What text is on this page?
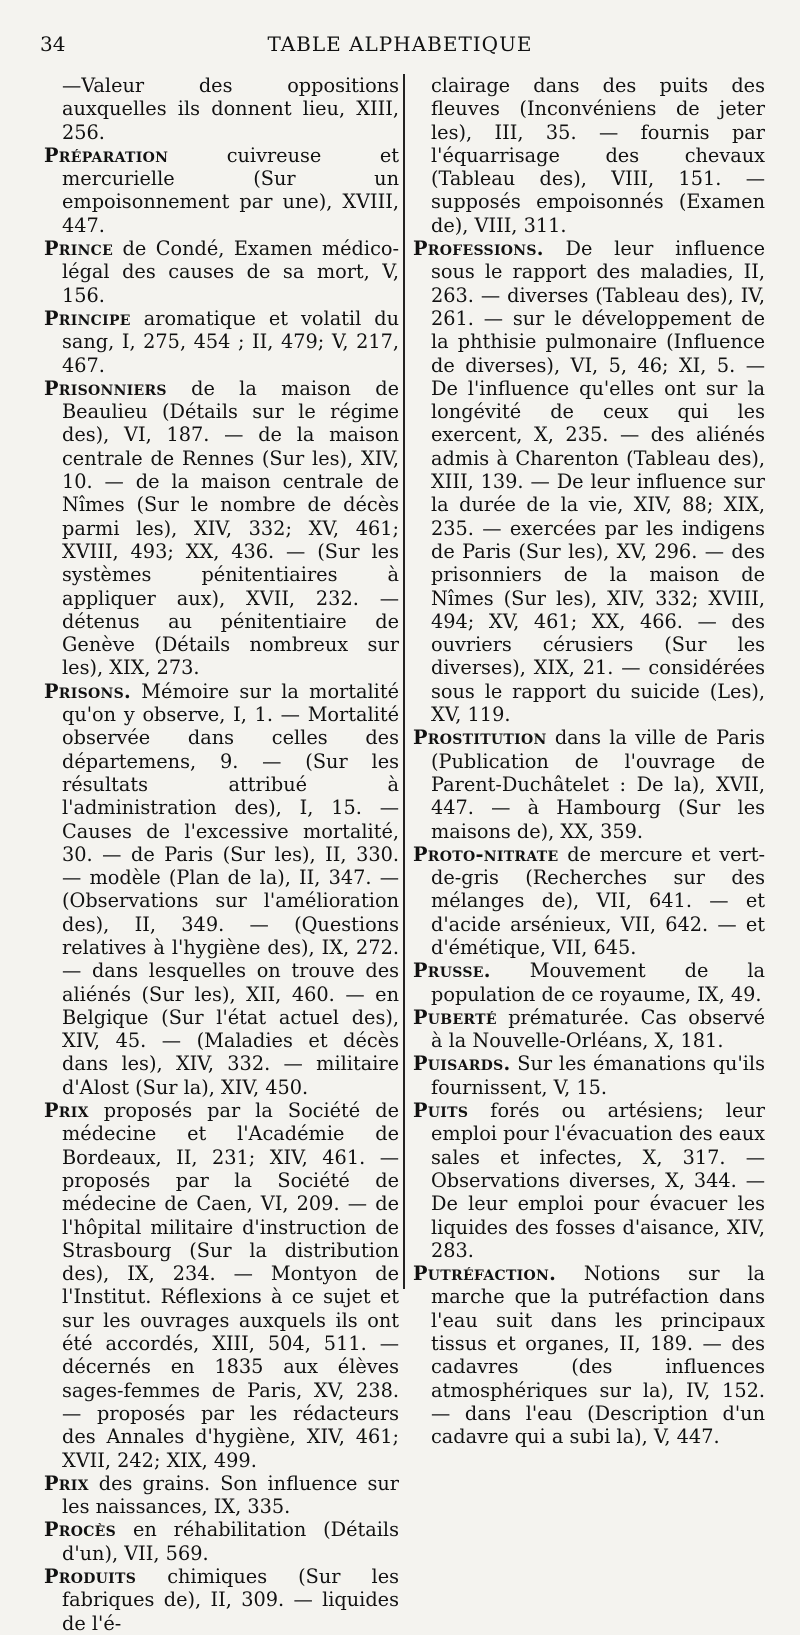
34	TABLE ALPHABETIQUE
—Valeur des oppositions auxquelles ils donnent lieu, XIII, 256.
Préparation cuivreuse et mercurielle (Sur un empoisonnement par une), XVIII, 447.
Prince de Condé, Examen médico-légal des causes de sa mort, V, 156.
Principe aromatique et volatil du sang, I, 275, 454 ; II, 479; V, 217, 467.
Prisonniers de la maison de Beaulieu (Détails sur le régime des), VI, 187. — de la maison centrale de Rennes (Sur les), XIV, 10. — de la maison centrale de Nîmes (Sur le nombre de décès parmi les), XIV, 332; XV, 461; XVIII, 493; XX, 436. — (Sur les systèmes pénitentiaires à appliquer aux), XVII, 232. — détenus au pénitentiaire de Genève (Détails nombreux sur les), XIX, 273.
Prisons. Mémoire sur la mortalité qu'on y observe, I, 1. — Mortalité observée dans celles des départemens, 9. — (Sur les résultats attribué à l'administration des), I, 15. — Causes de l'excessive mortalité, 30. — de Paris (Sur les), II, 330. — modèle (Plan de la), II, 347. — (Observations sur l'amélioration des), II, 349. — (Questions relatives à l'hygiène des), IX, 272. — dans lesquelles on trouve des aliénés (Sur les), XII, 460. — en Belgique (Sur l'état actuel des), XIV, 45. — (Maladies et décès dans les), XIV, 332. — militaire d'Alost (Sur la), XIV, 450.
Prix proposés par la Société de médecine et l'Académie de Bordeaux, II, 231; XIV, 461. — proposés par la Société de médecine de Caen, VI, 209. — de l'hôpital militaire d'instruction de Strasbourg (Sur la distribution des), IX, 234. — Montyon de l'Institut. Réflexions à ce sujet et sur les ouvrages auxquels ils ont été accordés, XIII, 504, 511. — décernés en 1835 aux élèves sages-femmes de Paris, XV, 238. — proposés par les rédacteurs des Annales d'hygiène, XIV, 461; XVII, 242; XIX, 499.
Prix des grains. Son influence sur les naissances, IX, 335.
Procès en réhabilitation (Détails d'un), VII, 569.
Produits chimiques (Sur les fabriques de), II, 309. — liquides de l'é-
clairage dans des puits des fleuves (Inconvéniens de jeter les), III, 35. — fournis par l'équarrisage des chevaux (Tableau des), VIII, 151. — supposés empoisonnés (Examen de), VIII, 311.
Professions. De leur influence sous le rapport des maladies, II, 263. — diverses (Tableau des), IV, 261. — sur le développement de la phthisie pulmonaire (Influence de diverses), VI, 5, 46; XI, 5. — De l'influence qu'elles ont sur la longévité de ceux qui les exercent, X, 235. — des aliénés admis à Charenton (Tableau des), XIII, 139. — De leur influence sur la durée de la vie, XIV, 88; XIX, 235. — exercées par les indigens de Paris (Sur les), XV, 296. — des prisonniers de la maison de Nîmes (Sur les), XIV, 332; XVIII, 494; XV, 461; XX, 466. — des ouvriers cérusiers (Sur les diverses), XIX, 21. — considérées sous le rapport du suicide (Les), XV, 119.
Prostitution dans la ville de Paris (Publication de l'ouvrage de Parent-Duchâtelet : De la), XVII, 447. — à Hambourg (Sur les maisons de), XX, 359.
Proto-nitrate de mercure et vert-de-gris (Recherches sur des mélanges de), VII, 641. — et d'acide arsénieux, VII, 642. — et d'émétique, VII, 645.
Prusse. Mouvement de la population de ce royaume, IX, 49.
Puberté prématurée. Cas observé à la Nouvelle-Orléans, X, 181.
Puisards. Sur les émanations qu'ils fournissent, V, 15.
Puits forés ou artésiens; leur emploi pour l'évacuation des eaux sales et infectes, X, 317. — Observations diverses, X, 344. — De leur emploi pour évacuer les liquides des fosses d'aisance, XIV, 283.
Putréfaction. Notions sur la marche que la putréfaction dans l'eau suit dans les principaux tissus et organes, II, 189. — des cadavres (des influences atmosphériques sur la), IV, 152. — dans l'eau (Description d'un cadavre qui a subi la), V, 447.
